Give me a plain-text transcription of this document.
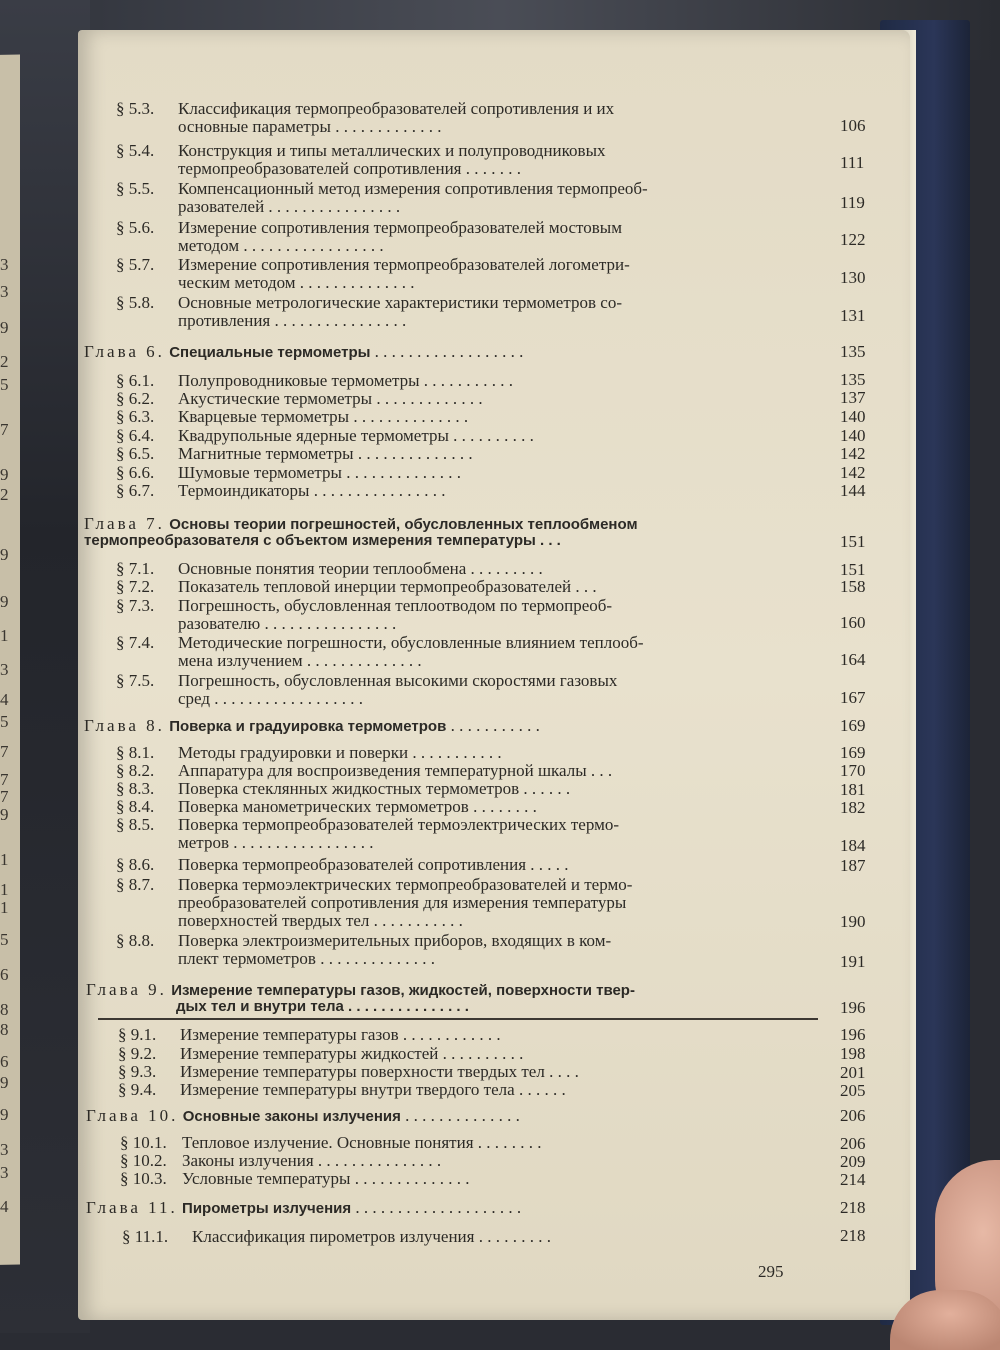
3
3
9
2
5
7
9
2
9
9
1
3
4
5
7
7
7
9
1
1
1
5
6
8
8
6
9
9
3
3
4
§ 5.3. Классификация термопреобразователей сопротивления и их
основные параметры . . . . . . . . . . . . .	106
§ 5.4. Конструкция и типы металлических и полупроводниковых
термопреобразователей сопротивления . . . . . . .	111
§ 5.5. Компенсационный метод измерения сопротивления термопреоб-
разователей . . . . . . . . . . . . . . . .	119
§ 5.6. Измерение сопротивления термопреобразователей мостовым
методом . . . . . . . . . . . . . . . . .	122
§ 5.7. Измерение сопротивления термопреобразователей логометри-
ческим методом . . . . . . . . . . . . . .	130
§ 5.8. Основные метрологические характеристики термометров со-
противления . . . . . . . . . . . . . . . .	131
Глава 6. Специальные термометры . . . . . . . . . . . . . . . . . .	135
§ 6.1. Полупроводниковые термометры . . . . . . . . . . .	135
§ 6.2. Акустические термометры . . . . . . . . . . . . .	137
§ 6.3. Кварцевые термометры . . . . . . . . . . . . . .	140
§ 6.4. Квадрупольные ядерные термометры . . . . . . . . . .	140
§ 6.5. Магнитные термометры . . . . . . . . . . . . . .	142
§ 6.6. Шумовые термометры . . . . . . . . . . . . . .	142
§ 6.7. Термоиндикаторы . . . . . . . . . . . . . . . .	144
Глава 7. Основы теории погрешностей, обусловленных теплообменом
термопреобразователя с объектом измерения температуры . . .	151
§ 7.1. Основные понятия теории теплообмена . . . . . . . . .	151
§ 7.2. Показатель тепловой инерции термопреобразователей . . .	158
§ 7.3. Погрешность, обусловленная теплоотводом по термопреоб-
разователю . . . . . . . . . . . . . . . .	160
§ 7.4. Методические погрешности, обусловленные влиянием теплооб-
мена излучением . . . . . . . . . . . . . .	164
§ 7.5. Погрешность, обусловленная высокими скоростями газовых
сред . . . . . . . . . . . . . . . . . .	167
Глава 8. Поверка и градуировка термометров . . . . . . . . . . .	169
§ 8.1. Методы градуировки и поверки . . . . . . . . . . .	169
§ 8.2. Аппаратура для воспроизведения температурной шкалы . . .	170
§ 8.3. Поверка стеклянных жидкостных термометров . . . . . .	181
§ 8.4. Поверка манометрических термометров . . . . . . . .	182
§ 8.5. Поверка термопреобразователей термоэлектрических термо-
метров . . . . . . . . . . . . . . . . .	184
§ 8.6. Поверка термопреобразователей сопротивления . . . . .	187
§ 8.7. Поверка термоэлектрических термопреобразователей и термо-
преобразователей сопротивления для измерения температуры
поверхностей твердых тел . . . . . . . . . . .	190
§ 8.8. Поверка электроизмерительных приборов, входящих в ком-
плект термометров . . . . . . . . . . . . . .	191
Глава 9. Измерение температуры газов, жидкостей, поверхности твер-
дых тел и внутри тела . . . . . . . . . . . . . . .	196
§ 9.1. Измерение температуры газов . . . . . . . . . . . .	196
§ 9.2. Измерение температуры жидкостей . . . . . . . . . .	198
§ 9.3. Измерение температуры поверхности твердых тел . . . .	201
§ 9.4. Измерение температуры внутри твердого тела . . . . . .	205
Глава 10. Основные законы излучения . . . . . . . . . . . . . .	206
§ 10.1. Тепловое излучение. Основные понятия . . . . . . . .	206
§ 10.2. Законы излучения . . . . . . . . . . . . . . .	209
§ 10.3. Условные температуры . . . . . . . . . . . . . .	214
Глава 11. Пирометры излучения . . . . . . . . . . . . . . . . . . . .	218
§ 11.1. Классификация пирометров излучения . . . . . . . . .	218
295
